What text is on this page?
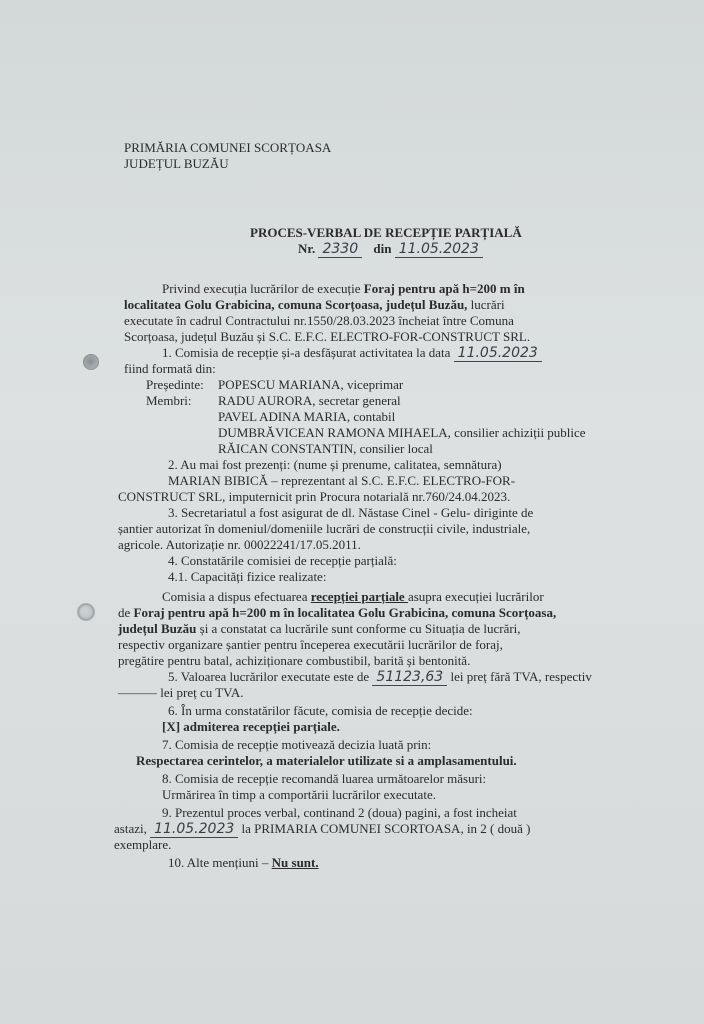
PRIMĂRIA COMUNEI SCORȚOASA
JUDEȚUL BUZĂU
PROCES-VERBAL DE RECEPȚIE PARȚIALĂ
Nr. 2330 din 11.05.2023
Privind execuția lucrărilor de execuție Foraj pentru apă h=200 m în
localitatea Golu Grabicina, comuna Scorțoasa, județul Buzău, lucrări
executate în cadrul Contractului nr.1550/28.03.2023 încheiat între Comuna
Scorțoasa, județul Buzău și S.C. E.F.C. ELECTRO-FOR-CONSTRUCT SRL.
1. Comisia de recepție și-a desfășurat activitatea la data 11.05.2023
fiind formată din:
Președinte: POPESCU MARIANA, viceprimar
Membri: RADU AURORA, secretar general
PAVEL ADINA MARIA, contabil
DUMBRĂVICEAN RAMONA MIHAELA, consilier achiziții publice
RĂICAN CONSTANTIN, consilier local
2. Au mai fost prezenți: (nume și prenume, calitatea, semnătura)
MARIAN BIBICĂ – reprezentant al S.C. E.F.C. ELECTRO-FOR-
CONSTRUCT SRL, imputernicit prin Procura notarială nr.760/24.04.2023.
3. Secretariatul a fost asigurat de dl. Năstase Cinel - Gelu- diriginte de
șantier autorizat în domeniul/domeniile lucrări de construcții civile, industriale,
agricole. Autorizație nr. 00022241/17.05.2011.
4. Constatările comisiei de recepție parțială:
4.1. Capacități fizice realizate:
Comisia a dispus efectuarea recepției parțiale asupra execuției lucrărilor
de Foraj pentru apă h=200 m în localitatea Golu Grabicina, comuna Scorțoasa,
județul Buzău și a constatat ca lucrările sunt conforme cu Situația de lucrări,
respectiv organizare șantier pentru începerea executării lucrărilor de foraj,
pregătire pentru batal, achiziționare combustibil, barită și bentonită.
5. Valoarea lucrărilor executate este de 51123,63 lei preț fără TVA, respectiv
——— lei preț cu TVA.
6. În urma constatărilor făcute, comisia de recepție decide:
[X] admiterea recepției parțiale.
7. Comisia de recepție motivează decizia luată prin:
Respectarea cerintelor, a materialelor utilizate si a amplasamentului.
8. Comisia de recepție recomandă luarea următoarelor măsuri:
Urmărirea în timp a comportării lucrărilor executate.
9. Prezentul proces verbal, continand 2 (doua) pagini, a fost incheiat
astazi, 11.05.2023 la PRIMARIA COMUNEI SCORTOASA, in 2 ( două )
exemplare.
10. Alte mențiuni – Nu sunt.
